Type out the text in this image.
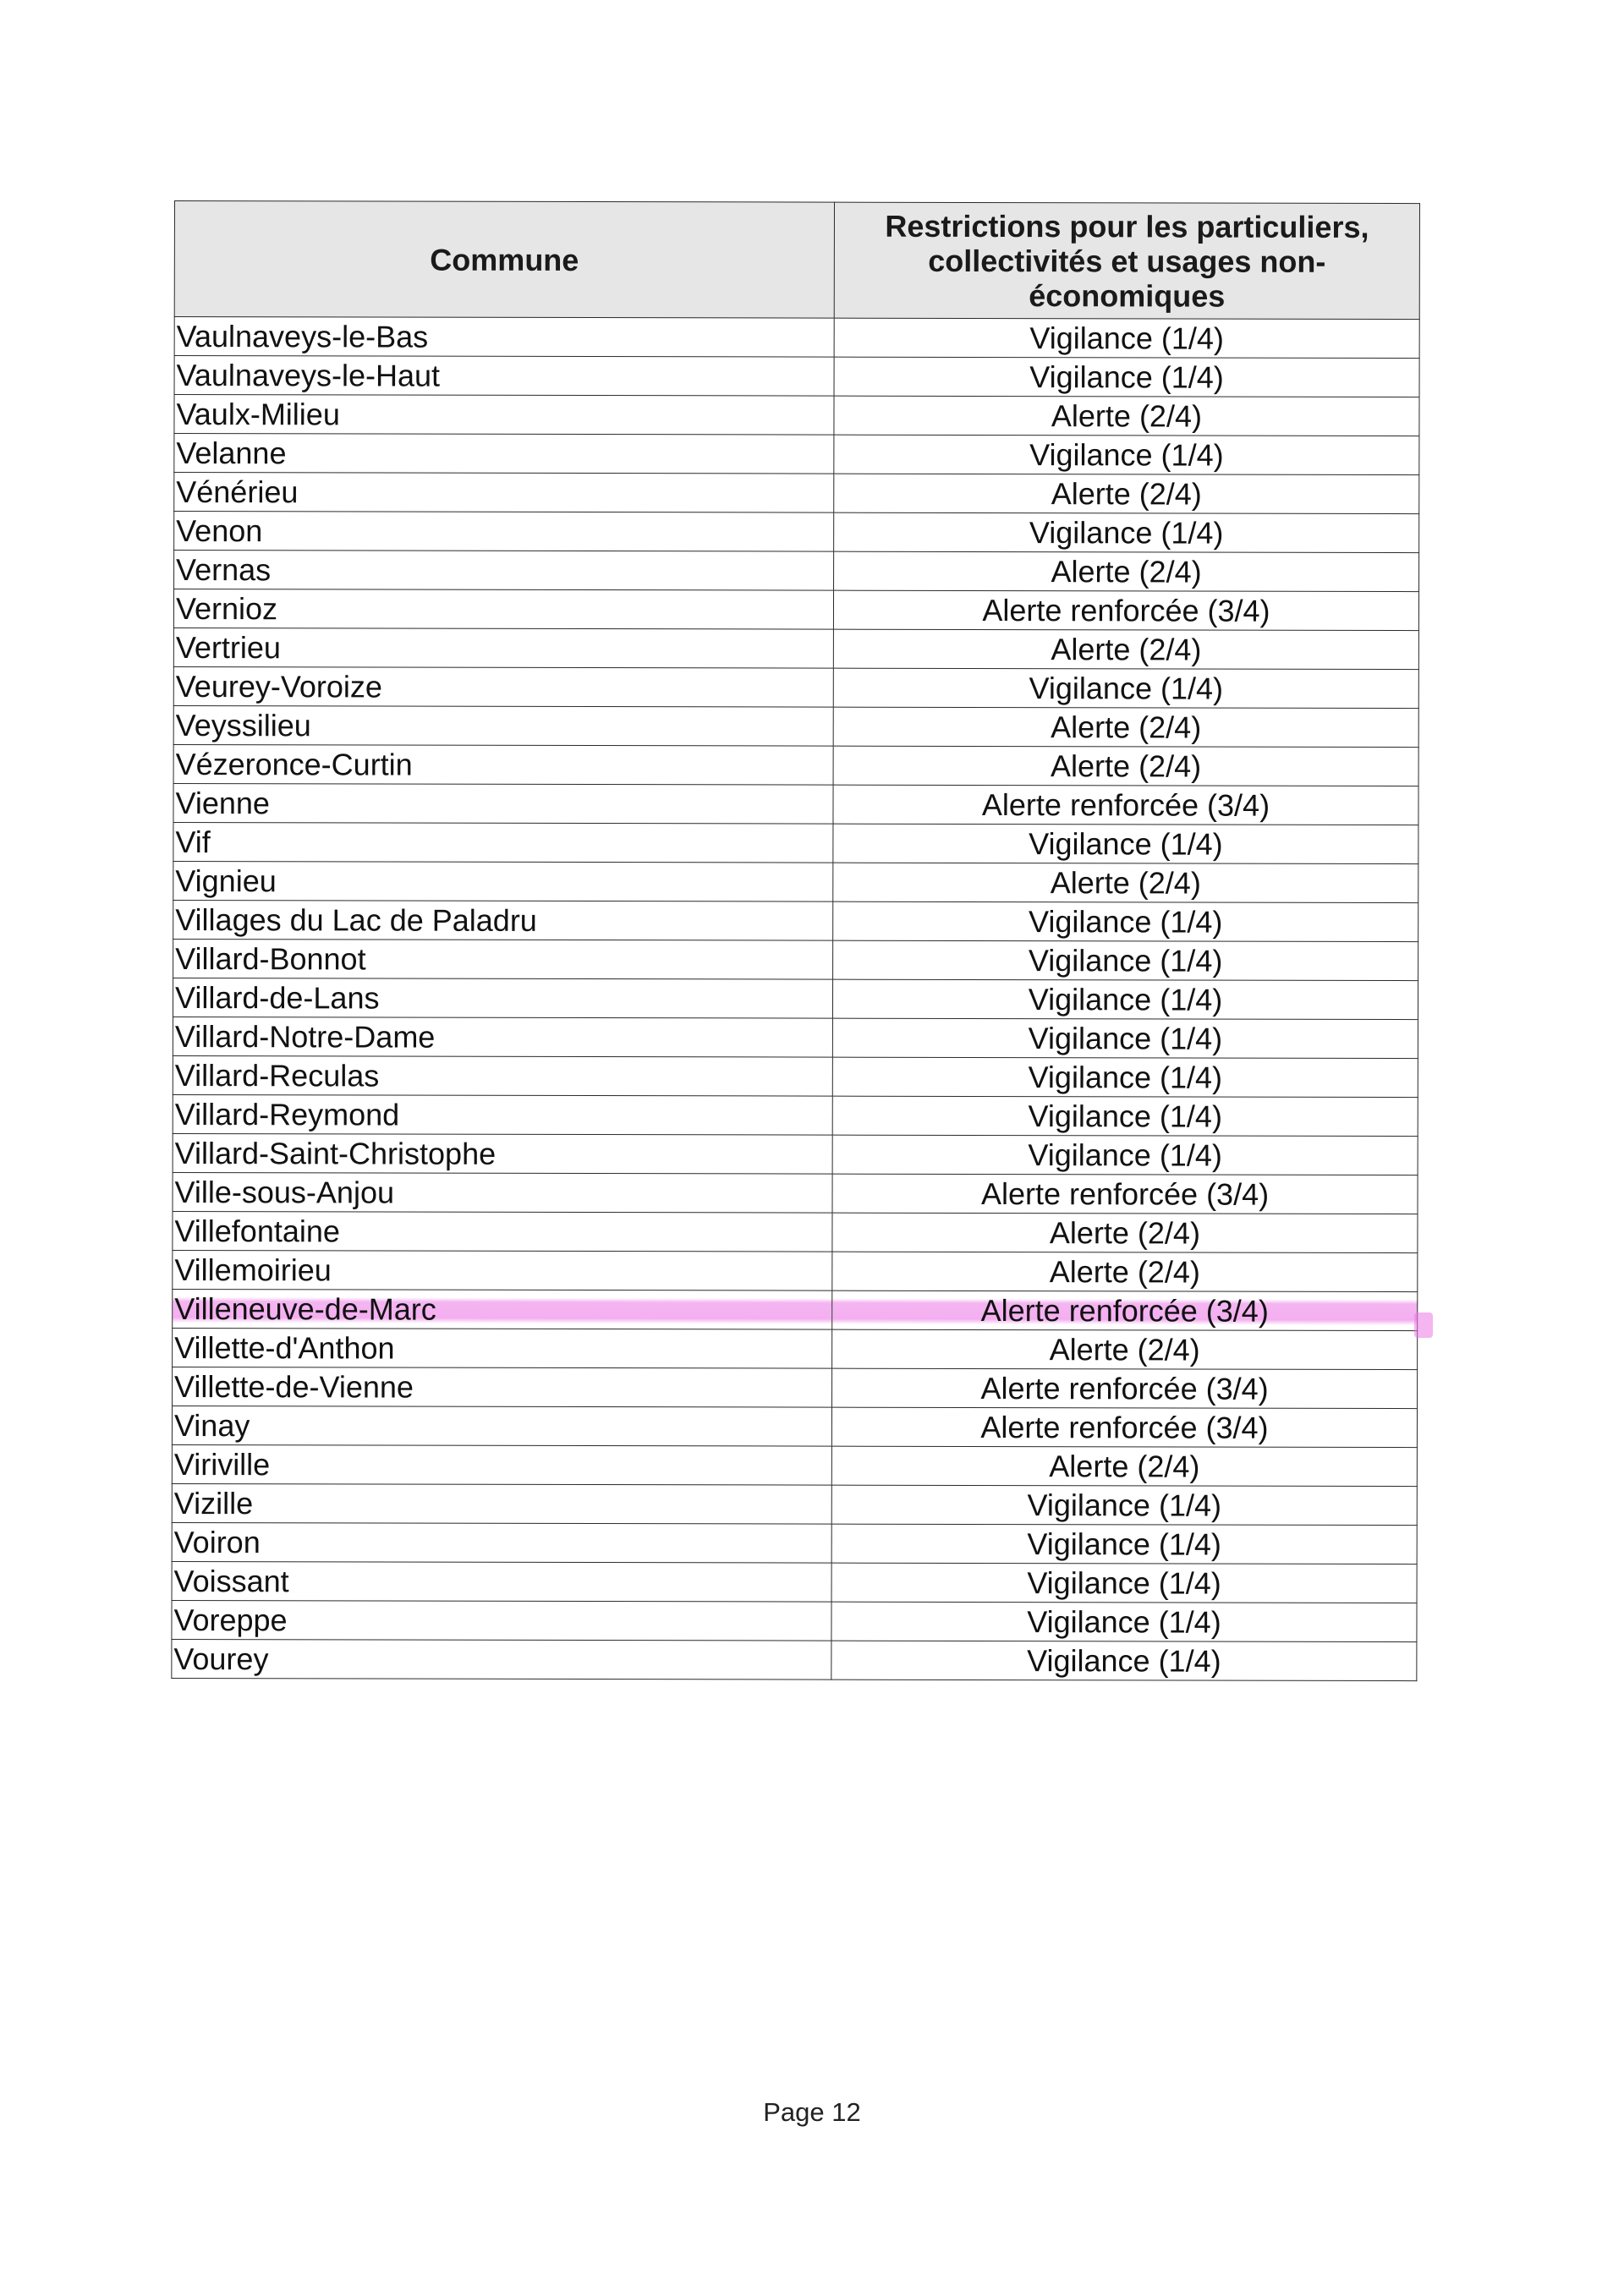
Commune	Restrictions pour les particuliers, collectivités et usages non-économiques
Vaulnaveys-le-Bas	Vigilance (1/4)
Vaulnaveys-le-Haut	Vigilance (1/4)
Vaulx-Milieu	Alerte (2/4)
Velanne	Vigilance (1/4)
Vénérieu	Alerte (2/4)
Venon	Vigilance (1/4)
Vernas	Alerte (2/4)
Vernioz	Alerte renforcée (3/4)
Vertrieu	Alerte (2/4)
Veurey-Voroize	Vigilance (1/4)
Veyssilieu	Alerte (2/4)
Vézeronce-Curtin	Alerte (2/4)
Vienne	Alerte renforcée (3/4)
Vif	Vigilance (1/4)
Vignieu	Alerte (2/4)
Villages du Lac de Paladru	Vigilance (1/4)
Villard-Bonnot	Vigilance (1/4)
Villard-de-Lans	Vigilance (1/4)
Villard-Notre-Dame	Vigilance (1/4)
Villard-Reculas	Vigilance (1/4)
Villard-Reymond	Vigilance (1/4)
Villard-Saint-Christophe	Vigilance (1/4)
Ville-sous-Anjou	Alerte renforcée (3/4)
Villefontaine	Alerte (2/4)
Villemoirieu	Alerte (2/4)
Villeneuve-de-Marc	Alerte renforcée (3/4)
Villette-d'Anthon	Alerte (2/4)
Villette-de-Vienne	Alerte renforcée (3/4)
Vinay	Alerte renforcée (3/4)
Viriville	Alerte (2/4)
Vizille	Vigilance (1/4)
Voiron	Vigilance (1/4)
Voissant	Vigilance (1/4)
Voreppe	Vigilance (1/4)
Vourey	Vigilance (1/4)
Page 12
